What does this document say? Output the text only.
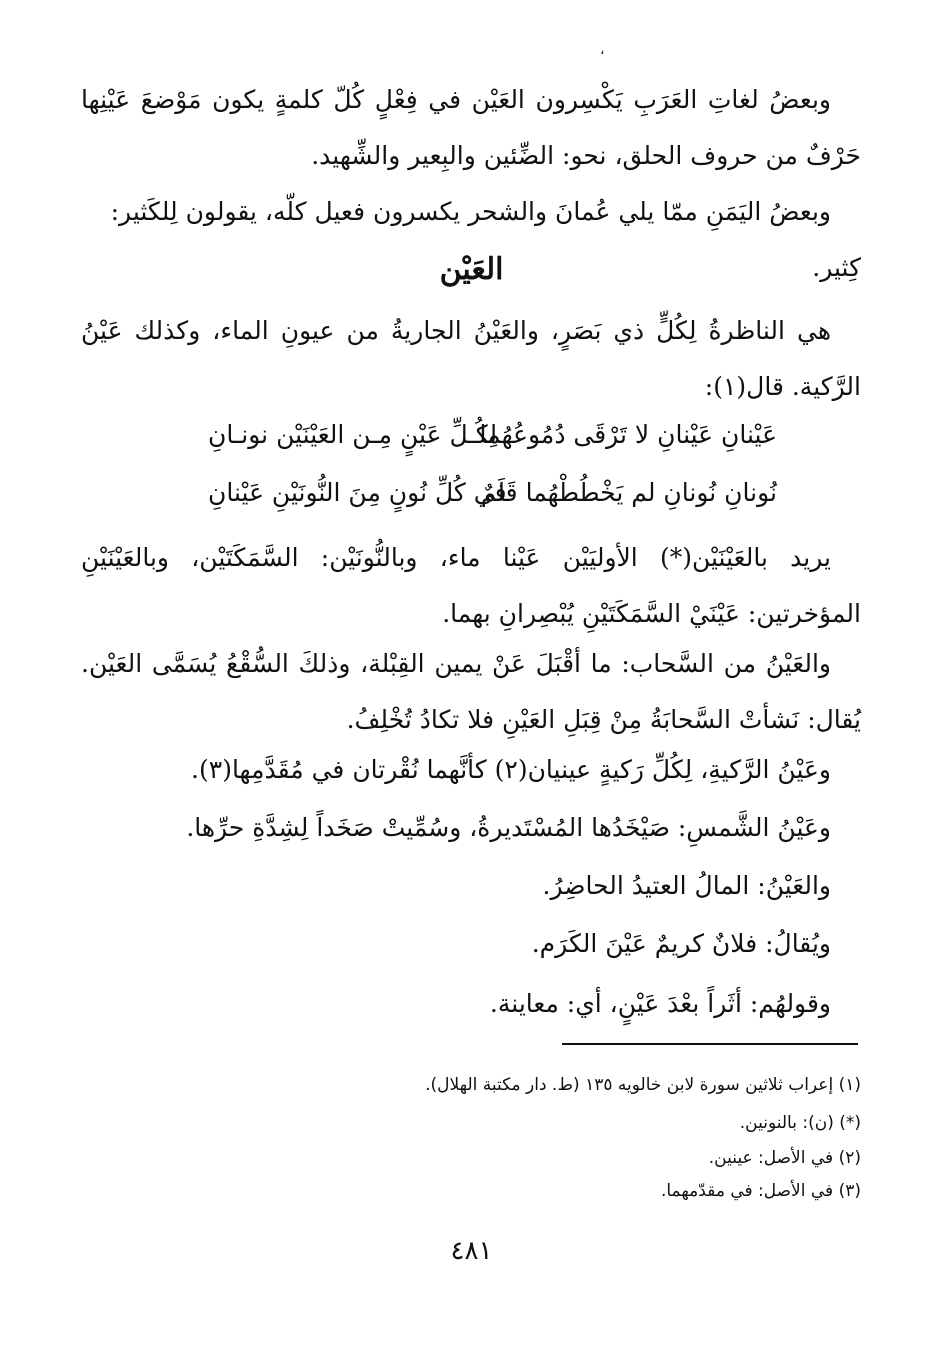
،
وبعضُ لغاتِ العَرَبِ يَكْسِرون العَيْن في فِعْلٍ كُلّ كلمةٍ يكون مَوْضعَ عَيْنِها حَرْفٌ من حروف الحلق، نحو: الضِّئين والبِعير والشِّهيد.
وبعضُ اليَمَنِ ممّا يلي عُمانَ والشحر يكسرون فعيل كلّه، يقولون لِلكَثير: كِثير.
العَيْن
هي الناظرةُ لِكُلٍّ ذي بَصَرٍ، والعَيْنُ الجاريةُ من عيونِ الماء، وكذلك عَيْنُ الرَّكية. قال(١):
عَيْنانِ عَيْنانِ لا تَرْقَى دُمُوعُهُما
لِكُـلِّ عَيْنٍ مِـن العَيْنَيْن نونـانِ
نُونانِ نُونانِ لم يَخْطُطْهُما قَلَمٌ
في كُلِّ نُونٍ مِنَ النُّونَيْنِ عَيْنانِ
يريد بالعَيْنَيْن(*) الأوليَيْن عَيْنا ماء، وبالنُّونَيْن: السَّمَكَتَيْن، وبالعَيْنَيْنِ المؤخرتين: عَيْنَيْ السَّمَكَتَيْنِ يُبْصِرانِ بهما.
والعَيْنُ من السَّحاب: ما أقْبَلَ عَنْ يمين القِبْلة، وذلكَ السُّقْعُ يُسَمَّى العَيْن. يُقال: نَشأتْ السَّحابَةُ مِنْ قِبَلِ العَيْنِ فلا تكادُ تُخْلِفُ.
وعَيْنُ الرَّكيةِ، لِكُلِّ رَكيةٍ عينيان(٢) كأنَّهما نُقْرتان في مُقَدَّمِها(٣).
وعَيْنُ الشَّمسِ: صَيْخَدُها المُسْتَديرةُ، وسُمِّيتْ صَخَداً لِشِدَّةِ حرِّها.
والعَيْنُ: المالُ العتيدُ الحاضِرُ.
ويُقالُ: فلانٌ كريمٌ عَيْنَ الكَرَم.
وقولهُم: أثَراً بعْدَ عَيْنٍ، أي: معاينة.
(١) إعراب ثلاثين سورة لابن خالويه ١٣٥ (ط. دار مكتبة الهلال).
(*) (ن): بالنونين.
(٢) في الأصل: عينين.
(٣) في الأصل: في مقدّمهما.
٤٨١
